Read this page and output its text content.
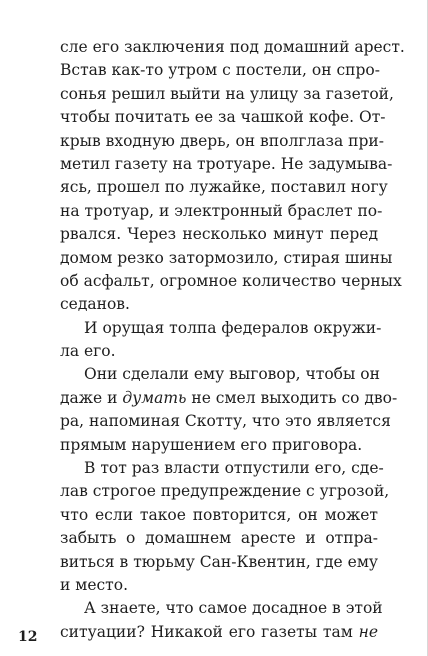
сле его заключения под домашний арест.
Встав как-то утром с постели, он спро-
сонья решил выйти на улицу за газетой,
чтобы почитать ее за чашкой кофе. От-
крыв входную дверь, он вполглаза при-
метил газету на тротуаре. Не задумыва-
ясь, прошел по лужайке, поставил ногу
на тротуар, и электронный браслет по-
рвался. Через несколько минут перед
домом резко затормозило, стирая шины
об асфальт, огромное количество черных
седанов.
И орущая толпа федералов окружи-
ла его.
Они сделали ему выговор, чтобы он
даже и думать не смел выходить со дво-
ра, напоминая Скотту, что это является
прямым нарушением его приговора.
В тот раз власти отпустили его, сде-
лав строгое предупреждение с угрозой,
что если такое повторится, он может
забыть о домашнем аресте и отпра-
виться в тюрьму Сан-Квентин, где ему
и место.
А знаете, что самое досадное в этой
ситуации? Никакой его газеты там не
12
